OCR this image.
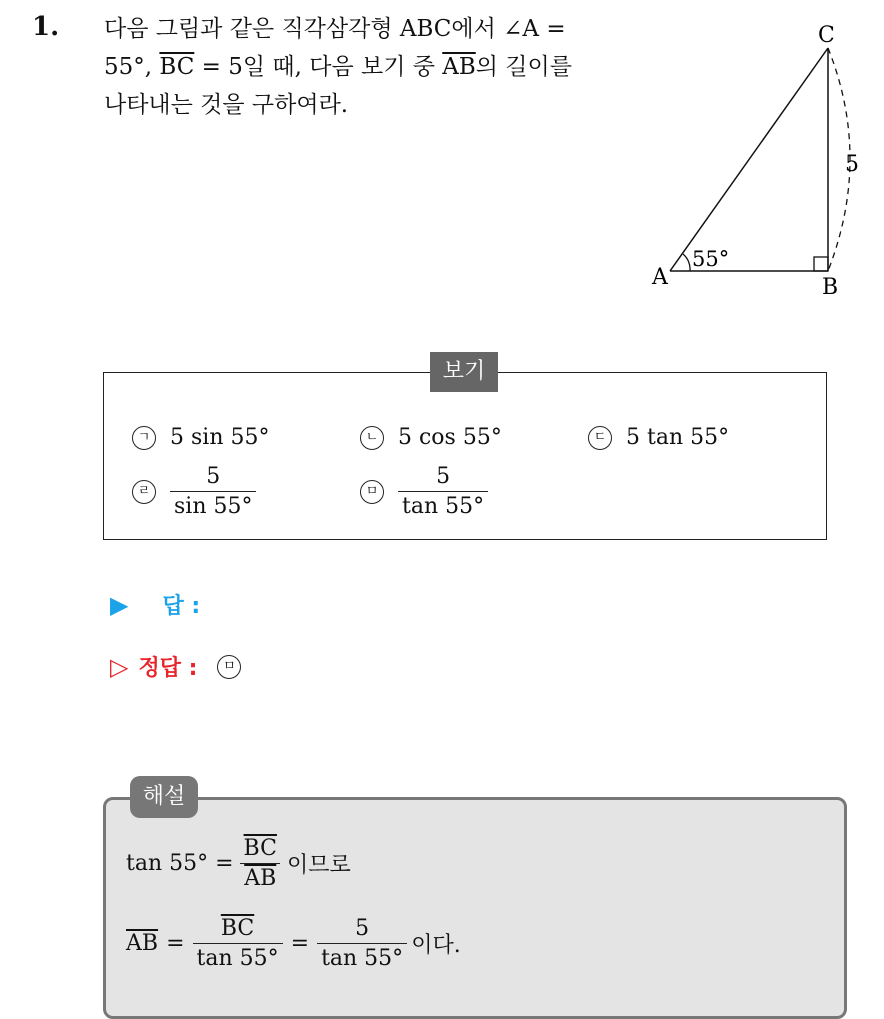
1. 다음 그림과 같은 직각삼각형 ABC에서 ∠A =
55°, $\overline{BC} = 5$일 때, 다음 보기 중 $\overline{AB}$의 길이를
나타내는 것을 구하여라.
A	B
C
55°
5
보기
ㄱ 5 sin 55°	ㄴ 5 cos 55°	ㄷ 5 tan 55°
ㄹ $\frac{5}{\sin 55^\circ}$	ㅁ $\frac{5}{\tan 55^\circ}$
▶ 답 :
▷ 정답 :	ㅁ
해설
$\tan 55^\circ = \frac{\overline{BC}}{AB}$ 이므로
$\overline{AB} = \frac{\overline{BC}}{\tan 55^\circ} = \frac{5}{\tan 55^\circ}$ 이다.
